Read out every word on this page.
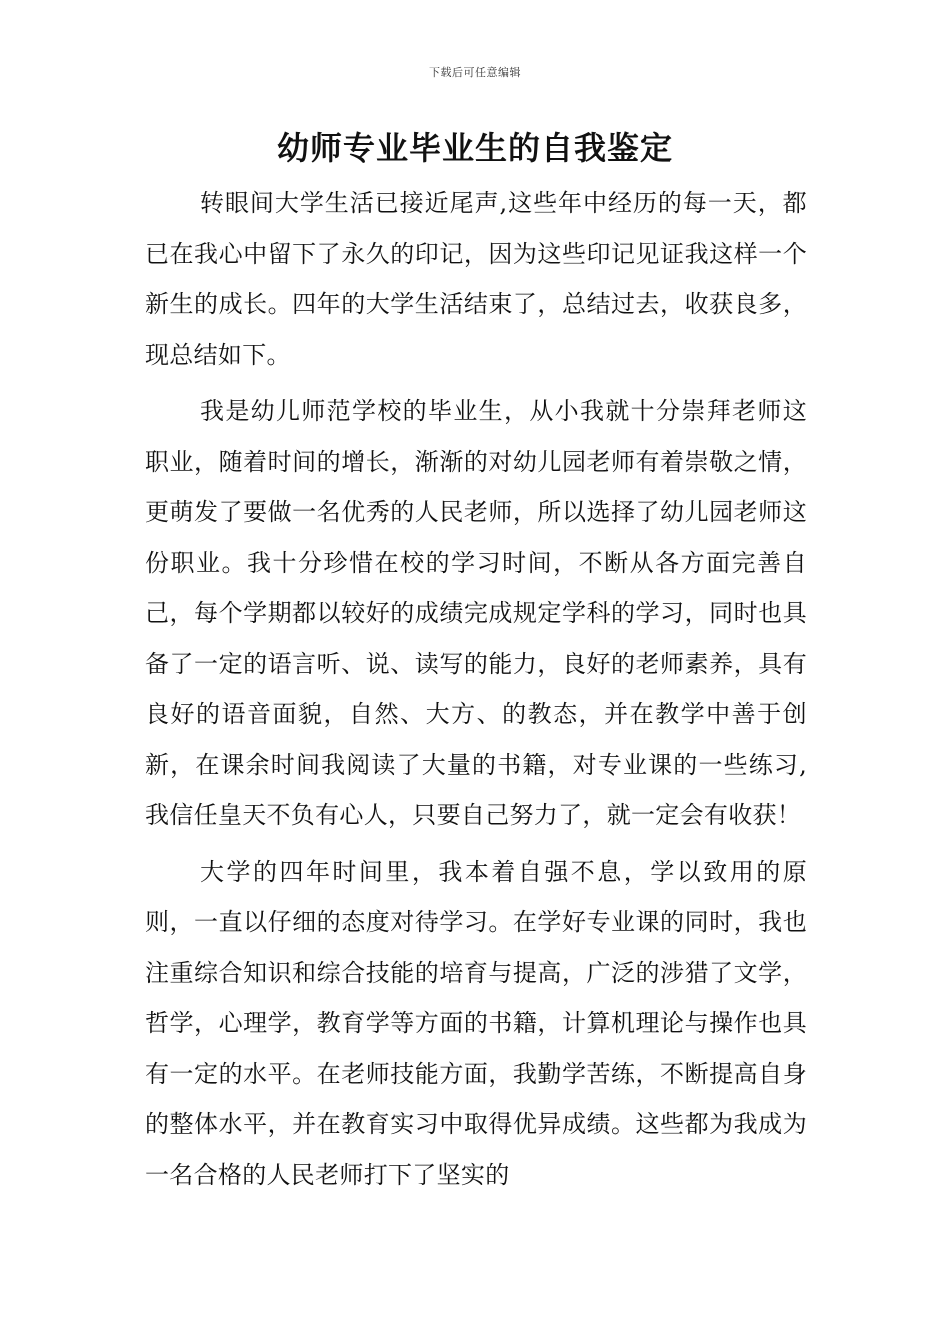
下载后可任意编辑
幼师专业毕业生的自我鉴定

转眼间大学生活已接近尾声,这些年中经历的每一天，都已在我心中留下了永久的印记，因为这些印记见证我这样一个新生的成长。四年的大学生活结束了，总结过去，收获良多，现总结如下。

我是幼儿师范学校的毕业生，从小我就十分崇拜老师这职业，随着时间的增长，渐渐的对幼儿园老师有着崇敬之情，更萌发了要做一名优秀的人民老师，所以选择了幼儿园老师这份职业。我十分珍惜在校的学习时间，不断从各方面完善自己，每个学期都以较好的成绩完成规定学科的学习，同时也具备了一定的语言听、说、读写的能力，良好的老师素养，具有良好的语音面貌，自然、大方、的教态，并在教学中善于创新，在课余时间我阅读了大量的书籍，对专业课的一些练习,我信任皇天不负有心人，只要自己努力了，就一定会有收获！

大学的四年时间里，我本着自强不息，学以致用的原则，一直以仔细的态度对待学习。在学好专业课的同时，我也注重综合知识和综合技能的培育与提高，广泛的涉猎了文学，哲学，心理学，教育学等方面的书籍，计算机理论与操作也具有一定的水平。在老师技能方面，我勤学苦练，不断提高自身的整体水平，并在教育实习中取得优异成绩。这些都为我成为一名合格的人民老师打下了坚实的
